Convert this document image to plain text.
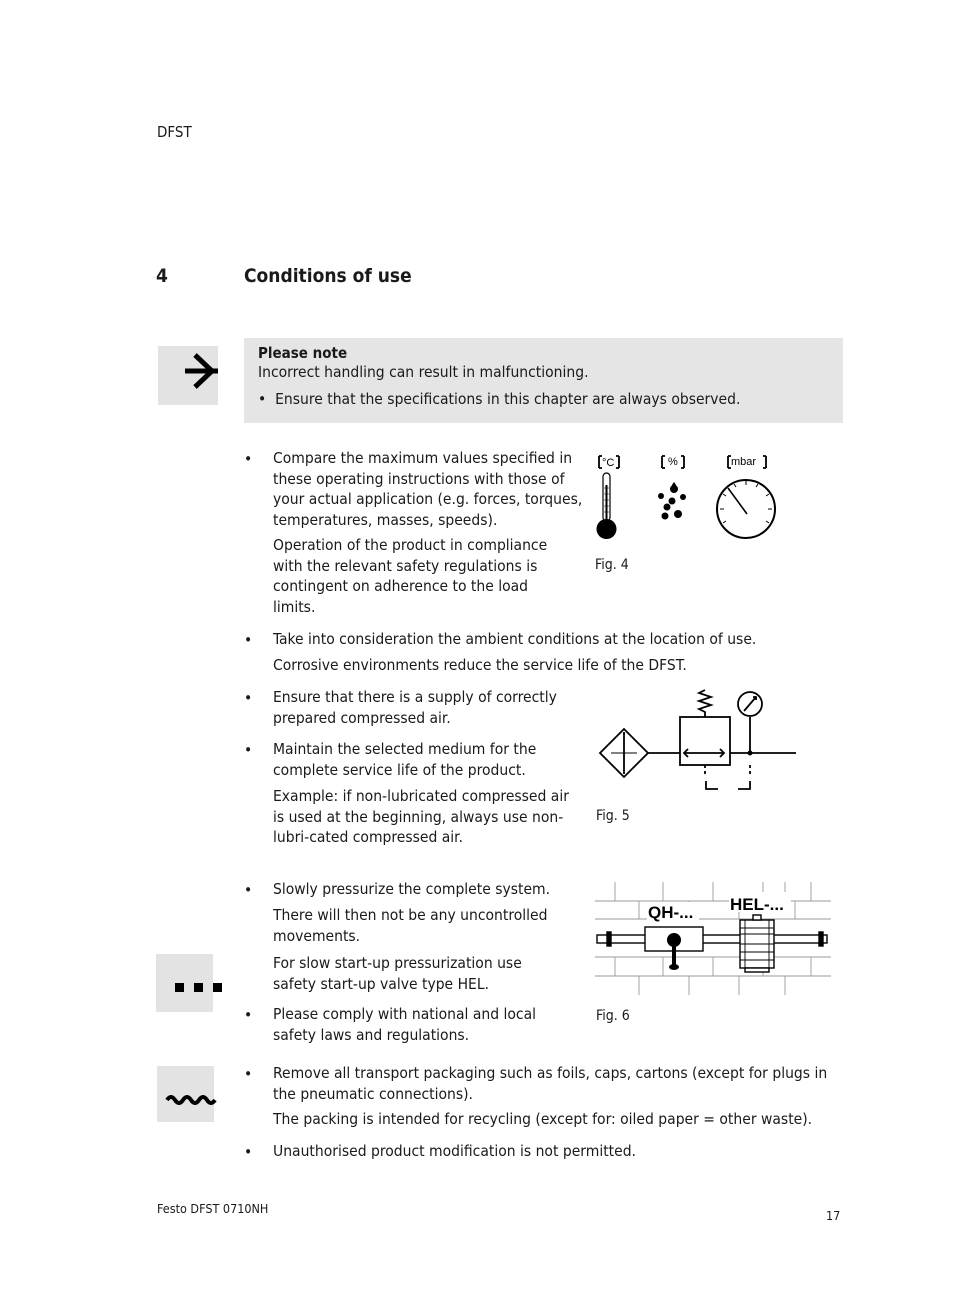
DFST
4	Conditions of use
Please note
Incorrect handling can result in malfunctioning.
• Ensure that the specifications in this chapter are always observed.
• Compare the maximum values specified in these operating instructions with those of your actual application (e.g. forces, torques, temperatures, masses, speeds).
Operation of the product in compliance with the relevant safety regulations is contingent on adherence to the load limits.
°C	%	mbar
Fig. 4
• Take into consideration the ambient conditions at the location of use.
Corrosive environments reduce the service life of the DFST.
• Ensure that there is a supply of correctly prepared compressed air.
• Maintain the selected medium for the complete service life of the product.
Example: if non-lubricated compressed air is used at the beginning, always use non-lubri-cated compressed air.
Fig. 5
• Slowly pressurize the complete system.
There will then not be any uncontrolled movements.
For slow start-up pressurization use safety start-up valve type HEL.
QH-... HEL-...
Fig. 6
• Please comply with national and local safety laws and regulations.
• Remove all transport packaging such as foils, caps, cartons (except for plugs in the pneumatic connections).
The packing is intended for recycling (except for: oiled paper = other waste).
• Unauthorised product modification is not permitted.
Festo DFST 0710NH	17
